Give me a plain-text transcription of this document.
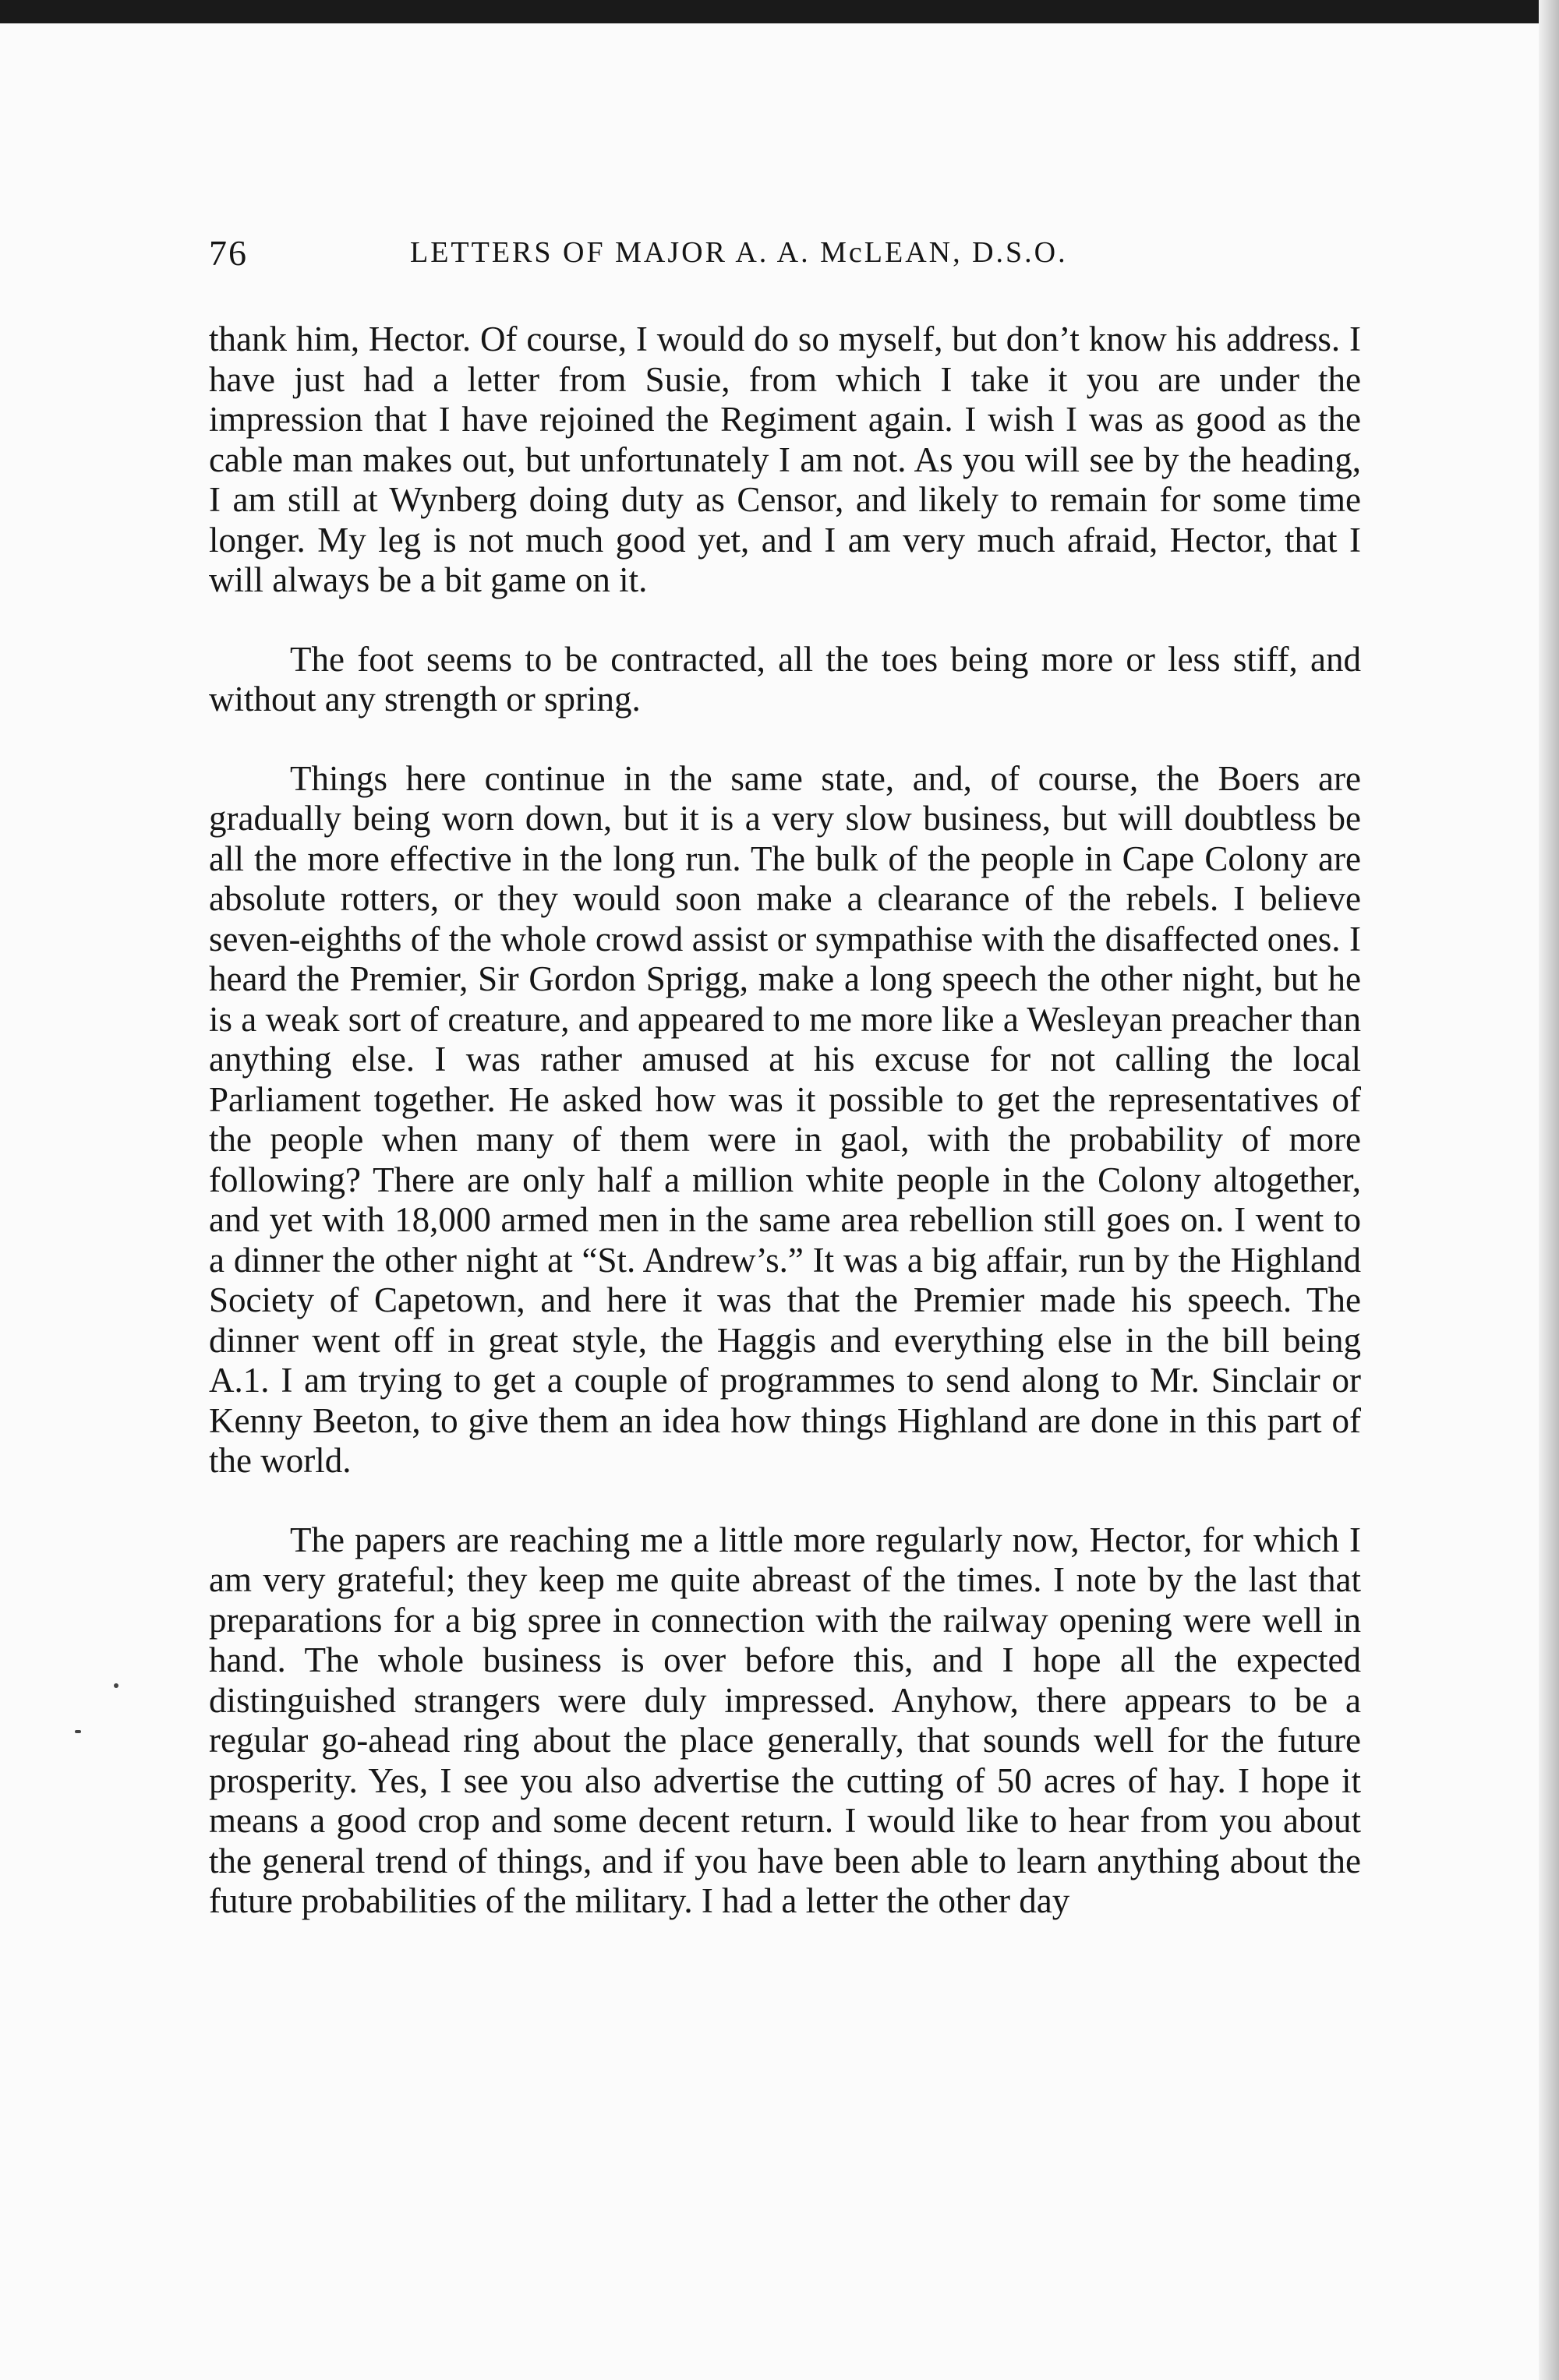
76	LETTERS OF MAJOR A. A. McLEAN, D.S.O.

thank him, Hector. Of course, I would do so myself, but don’t know his address. I have just had a letter from Susie, from which I take it you are under the impression that I have rejoined the Regiment again. I wish I was as good as the cable man makes out, but unfortunately I am not. As you will see by the heading, I am still at Wynberg doing duty as Censor, and likely to remain for some time longer. My leg is not much good yet, and I am very much afraid, Hector, that I will always be a bit game on it.

The foot seems to be contracted, all the toes being more or less stiff, and without any strength or spring.

Things here continue in the same state, and, of course, the Boers are gradually being worn down, but it is a very slow business, but will doubtless be all the more effective in the long run. The bulk of the people in Cape Colony are absolute rotters, or they would soon make a clearance of the rebels. I believe seven-eighths of the whole crowd assist or sympathise with the disaffected ones. I heard the Premier, Sir Gordon Sprigg, make a long speech the other night, but he is a weak sort of creature, and appeared to me more like a Wesleyan preacher than anything else. I was rather amused at his excuse for not calling the local Parliament together. He asked how was it possible to get the representatives of the people when many of them were in gaol, with the probability of more following? There are only half a million white people in the Colony altogether, and yet with 18,000 armed men in the same area rebellion still goes on. I went to a dinner the other night at “St. Andrew’s.” It was a big affair, run by the Highland Society of Capetown, and here it was that the Premier made his speech. The dinner went off in great style, the Haggis and everything else in the bill being A.1. I am trying to get a couple of programmes to send along to Mr. Sinclair or Kenny Beeton, to give them an idea how things Highland are done in this part of the world.

The papers are reaching me a little more regularly now, Hector, for which I am very grateful; they keep me quite abreast of the times. I note by the last that preparations for a big spree in connection with the railway opening were well in hand. The whole business is over before this, and I hope all the expected distinguished strangers were duly impressed. Anyhow, there appears to be a regular go-ahead ring about the place generally, that sounds well for the future prosperity. Yes, I see you also advertise the cutting of 50 acres of hay. I hope it means a good crop and some decent return. I would like to hear from you about the general trend of things, and if you have been able to learn anything about the future probabilities of the military. I had a letter the other day
